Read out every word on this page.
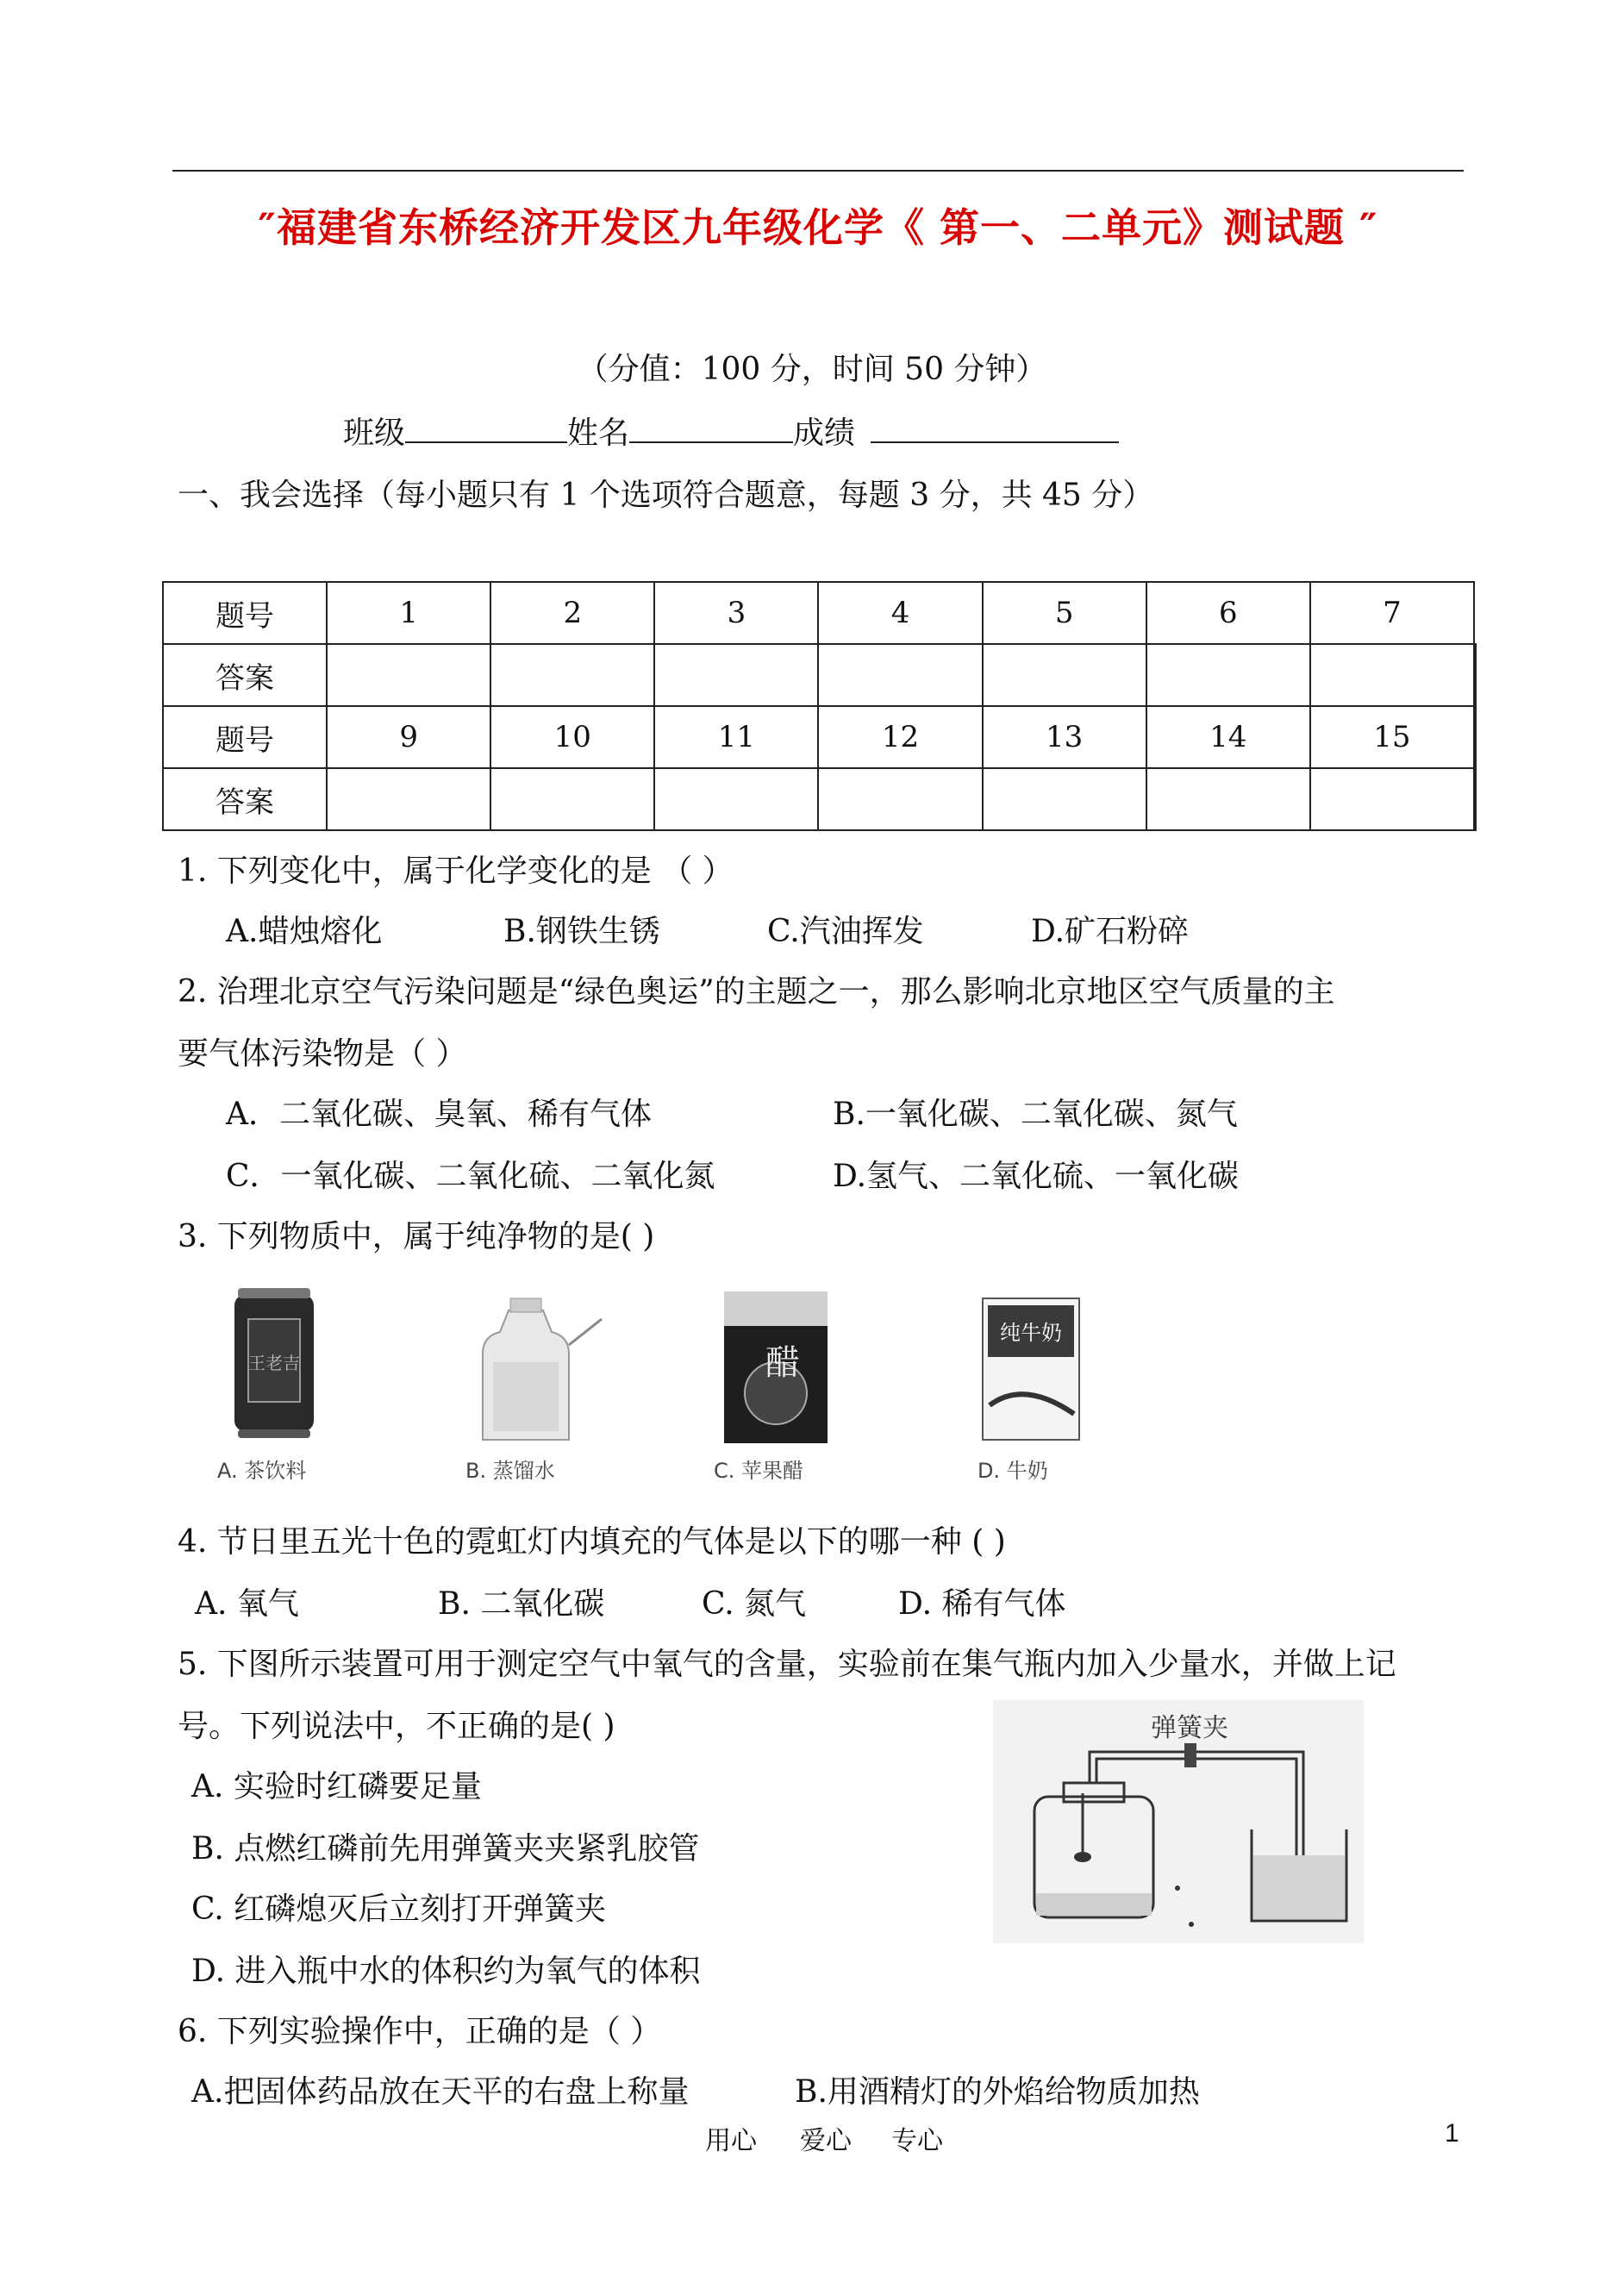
″福建省东桥经济开发区九年级化学《 第一、二单元》测试题 ″
（分值：100 分，时间 50 分钟）
班级	姓名	成绩
一、我会选择（每小题只有 1 个选项符合题意，每题 3 分，共 45 分）
题号	1	2	3	4	5	6	7	
答案								
题号	9	10	11	12	13	14	15	
答案								
1. 下列变化中，属于化学变化的是 （ ）
A.蜡烛熔化	B.钢铁生锈	C.汽油挥发	D.矿石粉碎
2. 治理北京空气污染问题是“绿色奥运”的主题之一，那么影响北京地区空气质量的主
要气体污染物是（ ）
A．二氧化碳、臭氧、稀有气体	B.一氧化碳、二氧化碳、氮气
C．一氧化碳、二氧化硫、二氧化氮	D.氢气、二氧化硫、一氧化碳
3. 下列物质中，属于纯净物的是( )
王老吉
A. 茶饮料	B. 蒸馏水
醋
C. 苹果醋
纯牛奶
D. 牛奶
4. 节日里五光十色的霓虹灯内填充的气体是以下的哪一种 ( )
A. 氧气	B. 二氧化碳	C. 氮气	D. 稀有气体
5. 下图所示装置可用于测定空气中氧气的含量，实验前在集气瓶内加入少量水，并做上记
号。下列说法中，不正确的是( )
A. 实验时红磷要足量
B. 点燃红磷前先用弹簧夹夹紧乳胶管
C. 红磷熄灭后立刻打开弹簧夹
D. 进入瓶中水的体积约为氧气的体积
弹簧夹
6. 下列实验操作中，正确的是（ ）
A.把固体药品放在天平的右盘上称量	B.用酒精灯的外焰给物质加热
用心 爱心 专心	1
